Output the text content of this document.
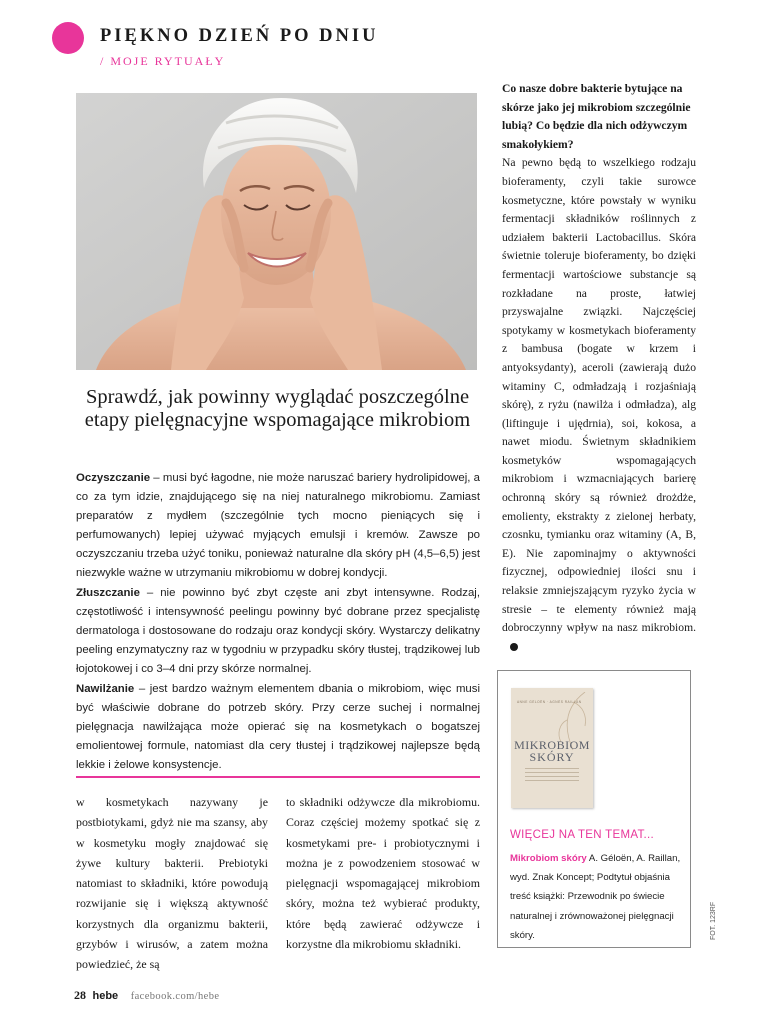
PIĘKNO DZIEŃ PO DNIU
/ MOJE RYTUAŁY
Sprawdź, jak powinny wyglądać poszczególne etapy pielęgnacyjne wspomagające mikrobiom

Oczyszczanie – musi być łagodne, nie może naruszać bariery hydrolipidowej, a co za tym idzie, znajdującego się na niej naturalnego mikrobiomu. Zamiast preparatów z mydłem (szczególnie tych mocno pieniących się i perfumowanych) lepiej używać myjących emulsji i kremów. Zawsze po oczyszczaniu trzeba użyć toniku, ponieważ naturalne dla skóry pH (4,5–6,5) jest niezwykle ważne w utrzymaniu mikrobiomu w dobrej kondycji.

Złuszczanie – nie powinno być zbyt częste ani zbyt intensywne. Rodzaj, częstotliwość i intensywność peelingu powinny być dobrane przez specjalistę dermatologa i dostosowane do rodzaju oraz kondycji skóry. Wystarczy delikatny peeling enzymatyczny raz w tygodniu w przypadku skóry tłustej, trądzikowej lub łojotokowej i co 3–4 dni przy skórze normalnej.

Nawilżanie – jest bardzo ważnym elementem dbania o mikrobiom, więc musi być właściwie dobrane do potrzeb skóry. Przy cerze suchej i normalnej pielęgnacja nawilżająca może opierać się na kosmetykach o bogatszej emolientowej formule, natomiast dla cery tłustej i trądzikowej najlepsze będą lekkie i żelowe konsystencje.

w kosmetykach nazywany je postbiotykami, gdyż nie ma szansy, aby w kosmetyku mogły znajdować się żywe kultury bakterii. Prebiotyki natomiast to składniki, które powodują rozwijanie się i większą aktywność korzystnych dla organizmu bakterii, grzybów i wirusów, a zatem można powiedzieć, że są
to składniki odżywcze dla mikrobiomu. Coraz częściej możemy spotkać się z kosmetykami pre- i probiotycznymi i można je z powodzeniem stosować w pielęgnacji wspomagającej mikrobiom skóry, można też wybierać produkty, które będą zawierać odżywcze i korzystne dla mikrobiomu składniki.
Co nasze dobre bakterie bytujące na skórze jako jej mikrobiom szczególnie lubią? Co będzie dla nich odżywczym smakołykiem?
Na pewno będą to wszelkiego rodzaju bioferamenty, czyli takie surowce kosmetyczne, które powstały w wyniku fermentacji składników roślinnych z udziałem bakterii Lactobacillus. Skóra świetnie toleruje bioferamenty, bo dzięki fermentacji wartościowe substancje są rozkładane na proste, łatwiej przyswajalne związki. Najczęściej spotykamy w kosmetykach bioferamenty z bambusa (bogate w krzem i antyoksydanty), aceroli (zawierają dużo witaminy C, odmładzają i rozjaśniają skórę), z ryżu (nawilża i odmładza), alg (liftinguje i ujędrnia), soi, kokosa, a nawet miodu. Świetnym składnikiem kosmetyków wspomagających mikrobiom i wzmacniających barierę ochronną skóry są również drożdże, emolienty, ekstrakty z zielonej herbaty, czosnku, tymianku oraz witaminy (A, B, E). Nie zapominajmy o aktywności fizycznej, odpowiedniej ilości snu i relaksie zmniejszającym ryzyko życia w stresie – te elementy również mają dobroczynny wpływ na nasz mikrobiom.
ANNE GÉLOËN · AGNÈS RAILLAN
MIKROBIOM
SKÓRY
WIĘCEJ NA TEN TEMAT...
Mikrobiom skóry A. Géloën, A. Raillan, wyd. Znak Koncept; Podtytuł objaśnia treść książki: Przewodnik po świecie naturalnej i zrównoważonej pielęgnacji skóry.	FOT. 123RF
28 hebe facebook.com/hebe
